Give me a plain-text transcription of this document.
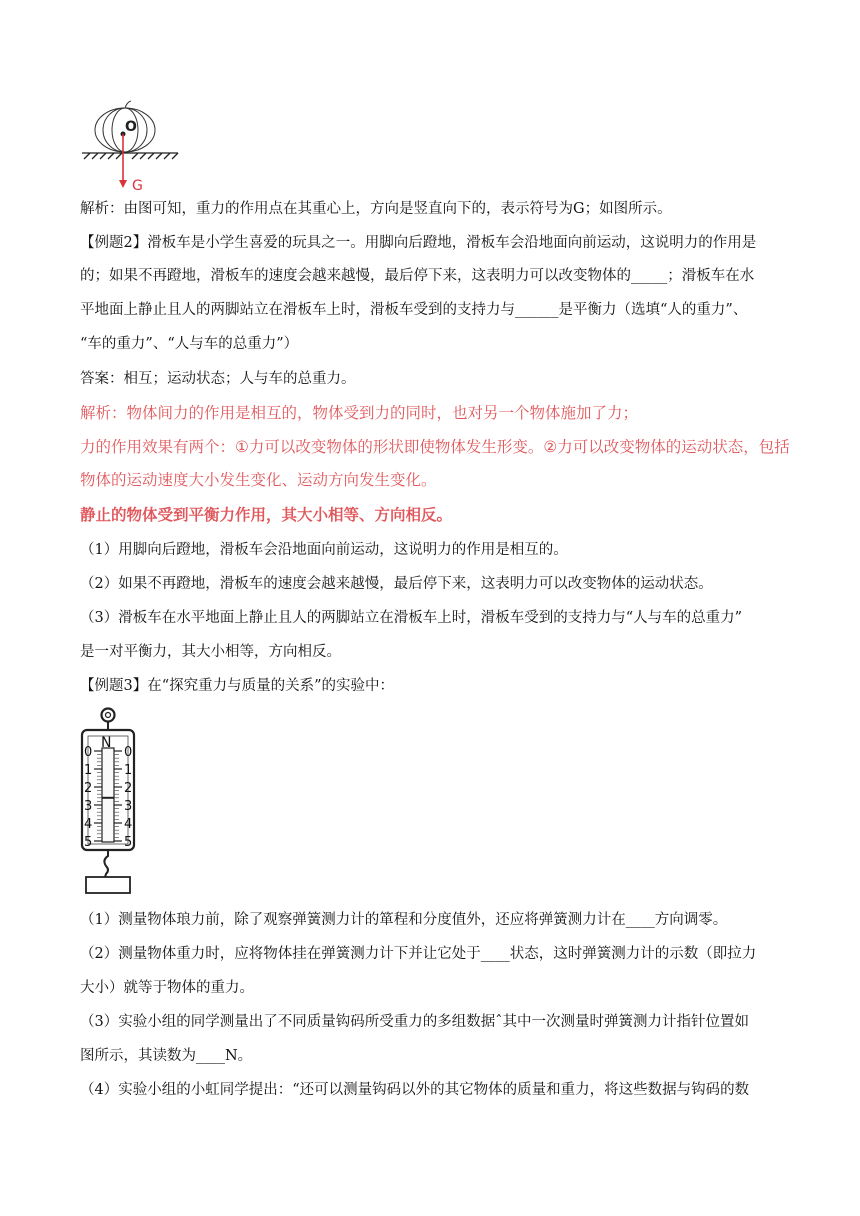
O
G
解析：由图可知，重力的作用点在其重心上，方向是竖直向下的，表示符号为G；如图所示。
【例题2】滑板车是小学生喜爱的玩具之一。用脚向后蹬地，滑板车会沿地面向前运动，这说明力的作用是
的；如果不再蹬地，滑板车的速度会越来越慢，最后停下来，这表明力可以改变物体的_____；滑板车在水
平地面上静止且人的两脚站立在滑板车上时，滑板车受到的支持力与______是平衡力（选填“人的重力”、
“车的重力”、“人与车的总重力”）
答案：相互；运动状态；人与车的总重力。
解析：物体间力的作用是相互的，物体受到力的同时，也对另一个物体施加了力；
力的作用效果有两个：①力可以改变物体的形状即使物体发生形变。②力可以改变物体的运动状态，包括
物体的运动速度大小发生变化、运动方向发生变化。
静止的物体受到平衡力作用，其大小相等、方向相反。
（1）用脚向后蹬地，滑板车会沿地面向前运动，这说明力的作用是相互的。
（2）如果不再蹬地，滑板车的速度会越来越慢，最后停下来，这表明力可以改变物体的运动状态。
（3）滑板车在水平地面上静止且人的两脚站立在滑板车上时，滑板车受到的支持力与“人与车的总重力”
是一对平衡力，其大小相等，方向相反。
【例题3】在“探究重力与质量的关系”的实验中：
N
0 0
1 1
2 2
3 3
4 4
5 5
（1）测量物体琅力前，除了观察弹簧测力计的箪程和分度值外，还应将弹簧测力计在____方向调零。
（2）测量物体重力时，应将物体挂在弹簧测力计下并让它处于____状态，这时弹簧测力计的示数（即拉力
大小）就等于物体的重力。
（3）实验小组的同学测量出了不同质量钩码所受重力的多组数据ˆ其中一次测量时弹簧测力计指针位置如
图所示，其读数为____N。
（4）实验小组的小虹同学提出：“还可以测量钩码以外的其它物体的质量和重力，将这些数据与钩码的数
